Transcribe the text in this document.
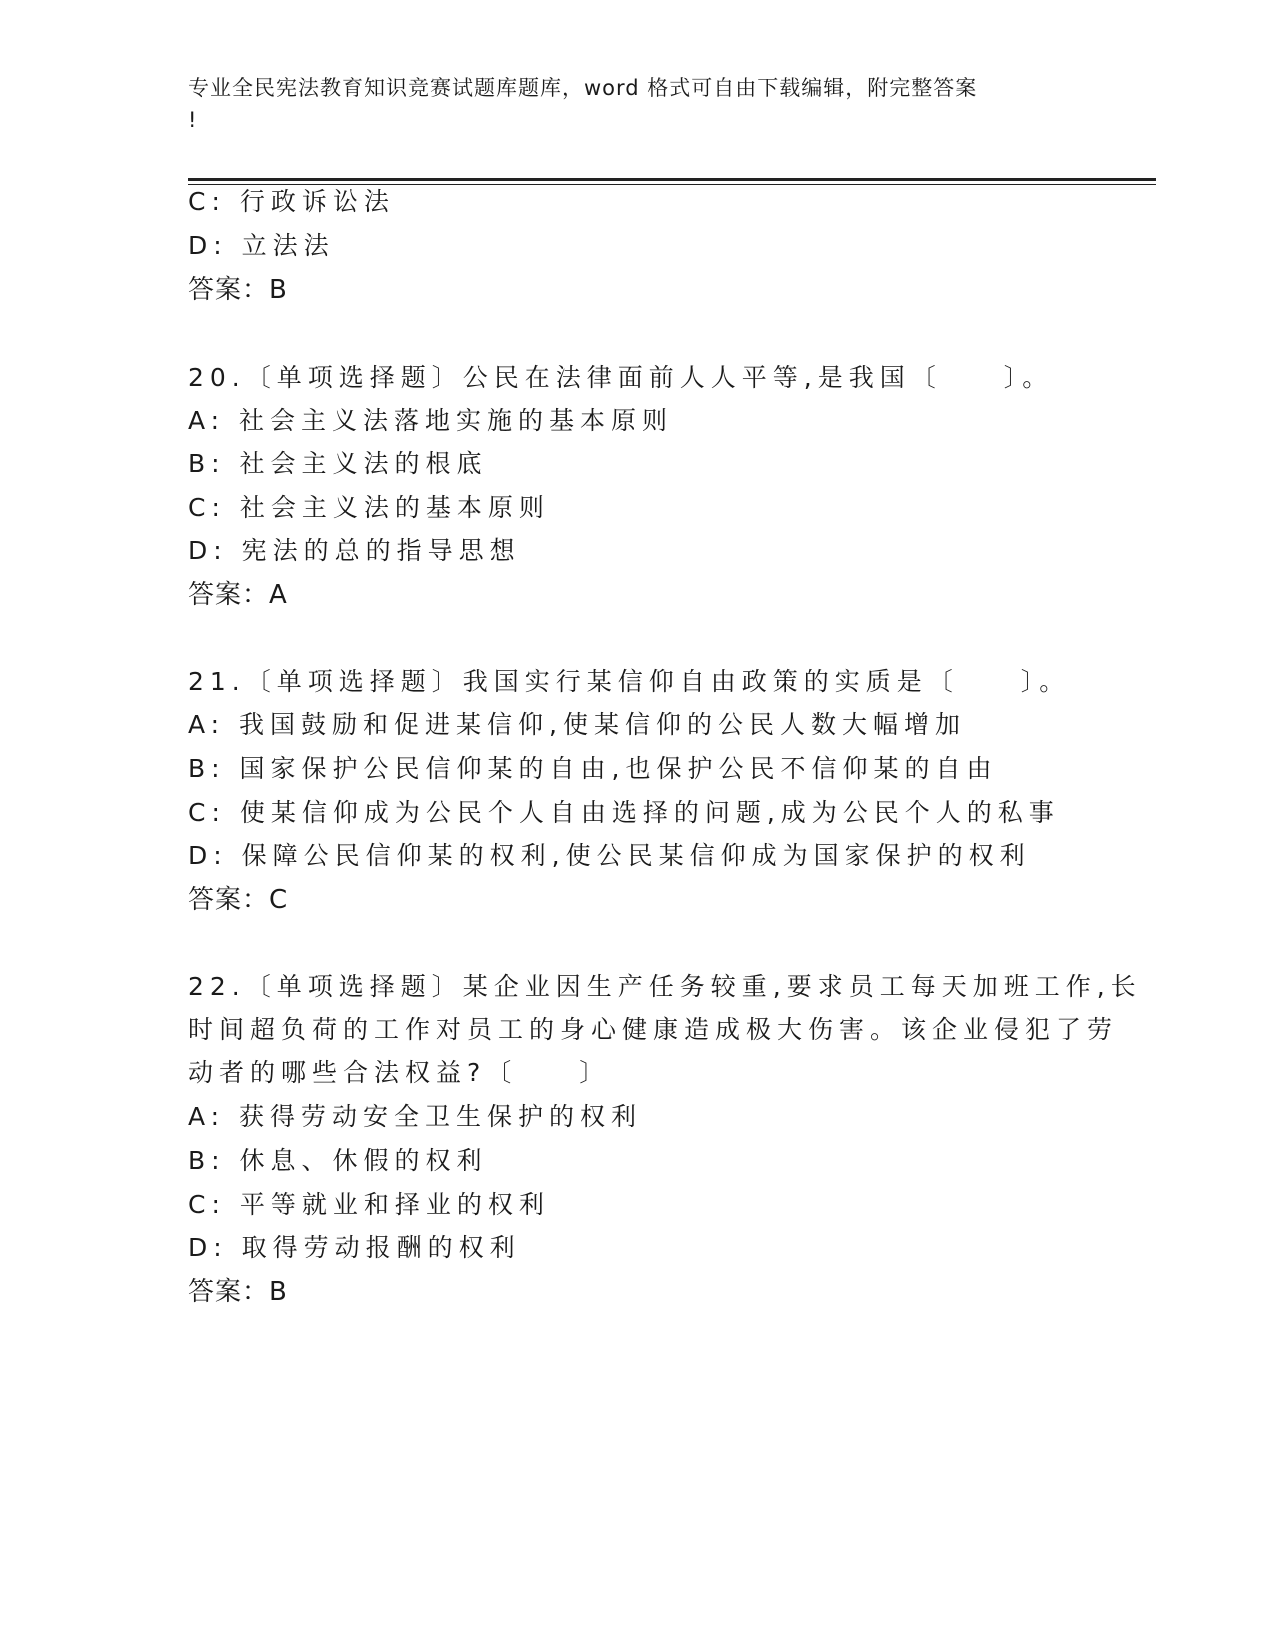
专业全民宪法教育知识竞赛试题库题库，word 格式可自由下载编辑，附完整答案
!
C: 行政诉讼法
D: 立法法
答案：B
20.〔单项选择题〕公民在法律面前人人平等,是我国〔　　〕。
A: 社会主义法落地实施的基本原则
B: 社会主义法的根底
C: 社会主义法的基本原则
D: 宪法的总的指导思想
答案：A
21.〔单项选择题〕我国实行某信仰自由政策的实质是〔　　〕。
A: 我国鼓励和促进某信仰,使某信仰的公民人数大幅增加
B: 国家保护公民信仰某的自由,也保护公民不信仰某的自由
C: 使某信仰成为公民个人自由选择的问题,成为公民个人的私事
D: 保障公民信仰某的权利,使公民某信仰成为国家保护的权利
答案：C
22.〔单项选择题〕某企业因生产任务较重,要求员工每天加班工作,长
时间超负荷的工作对员工的身心健康造成极大伤害。该企业侵犯了劳
动者的哪些合法权益?〔　　〕
A: 获得劳动安全卫生保护的权利
B: 休息、休假的权利
C: 平等就业和择业的权利
D: 取得劳动报酬的权利
答案：B
